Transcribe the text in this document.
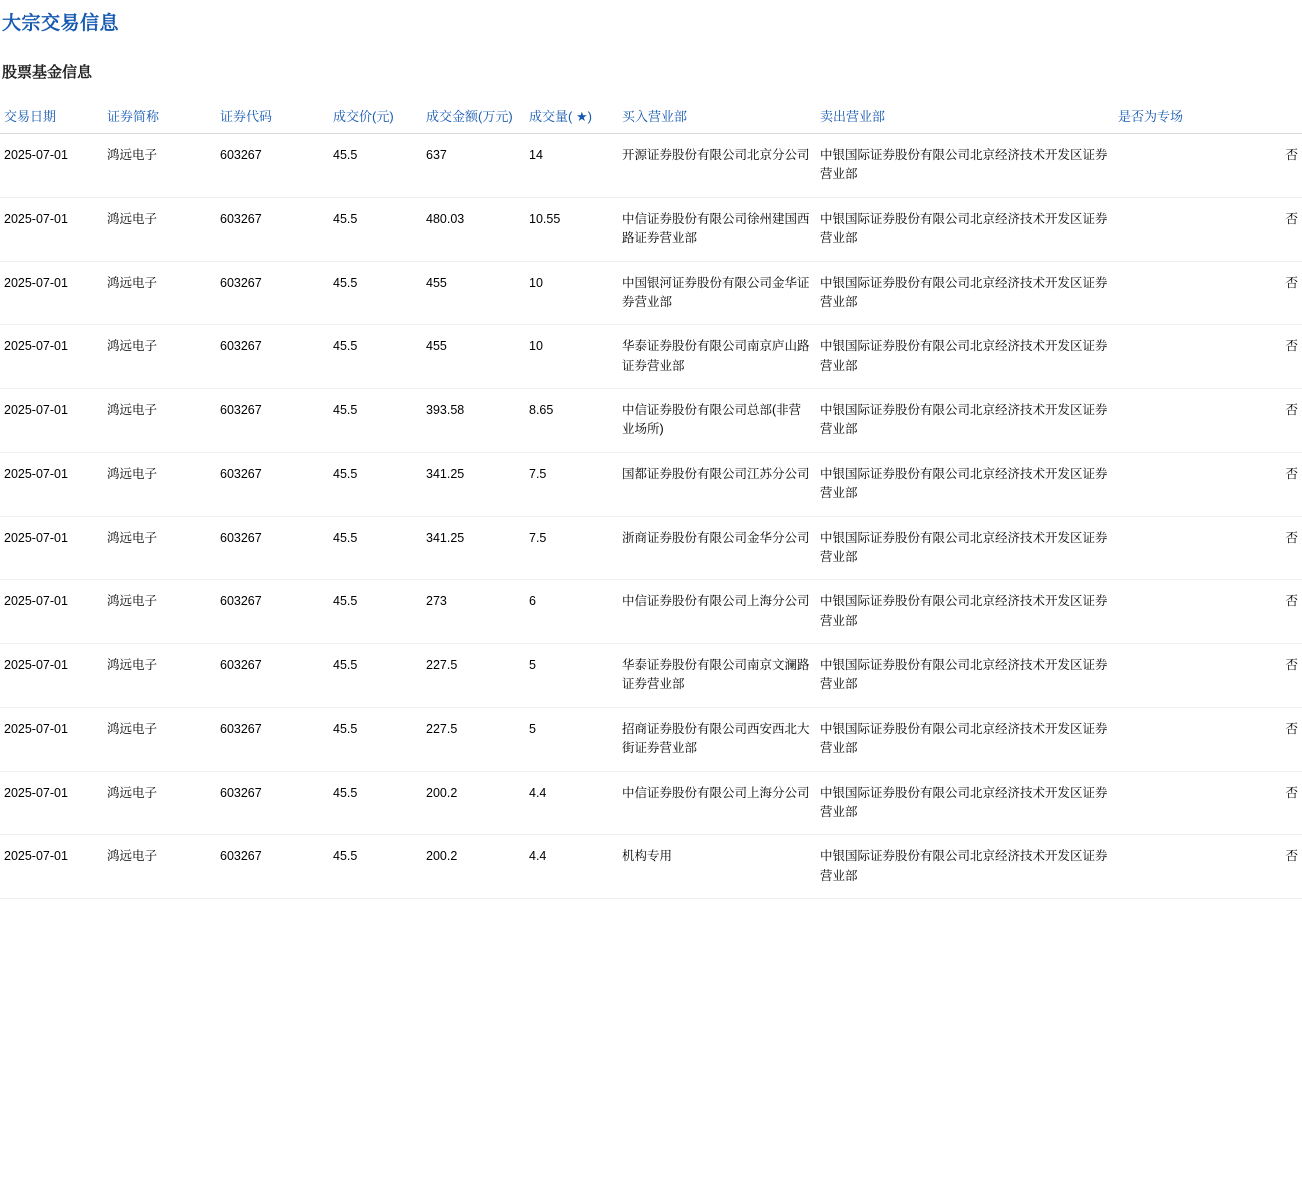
大宗交易信息
股票基金信息
交易日期	证券简称	证券代码	成交价(元)	成交金额(万元)	成交量( ★)	买入营业部	卖出营业部	是否为专场
2025-07-01	鸿远电子	603267	45.5	637	14	开源证券股份有限公司北京分公司	中银国际证券股份有限公司北京经济技术开发区证券营业部	否
2025-07-01	鸿远电子	603267	45.5	480.03	10.55	中信证券股份有限公司徐州建国西路证券营业部	中银国际证券股份有限公司北京经济技术开发区证券营业部	否
2025-07-01	鸿远电子	603267	45.5	455	10	中国银河证券股份有限公司金华证券营业部	中银国际证券股份有限公司北京经济技术开发区证券营业部	否
2025-07-01	鸿远电子	603267	45.5	455	10	华泰证券股份有限公司南京庐山路证券营业部	中银国际证券股份有限公司北京经济技术开发区证券营业部	否
2025-07-01	鸿远电子	603267	45.5	393.58	8.65	中信证券股份有限公司总部(非营业场所)	中银国际证券股份有限公司北京经济技术开发区证券营业部	否
2025-07-01	鸿远电子	603267	45.5	341.25	7.5	国都证券股份有限公司江苏分公司	中银国际证券股份有限公司北京经济技术开发区证券营业部	否
2025-07-01	鸿远电子	603267	45.5	341.25	7.5	浙商证券股份有限公司金华分公司	中银国际证券股份有限公司北京经济技术开发区证券营业部	否
2025-07-01	鸿远电子	603267	45.5	273	6	中信证券股份有限公司上海分公司	中银国际证券股份有限公司北京经济技术开发区证券营业部	否
2025-07-01	鸿远电子	603267	45.5	227.5	5	华泰证券股份有限公司南京文澜路证券营业部	中银国际证券股份有限公司北京经济技术开发区证券营业部	否
2025-07-01	鸿远电子	603267	45.5	227.5	5	招商证券股份有限公司西安西北大街证券营业部	中银国际证券股份有限公司北京经济技术开发区证券营业部	否
2025-07-01	鸿远电子	603267	45.5	200.2	4.4	中信证券股份有限公司上海分公司	中银国际证券股份有限公司北京经济技术开发区证券营业部	否
2025-07-01	鸿远电子	603267	45.5	200.2	4.4	机构专用	中银国际证券股份有限公司北京经济技术开发区证券营业部	否
